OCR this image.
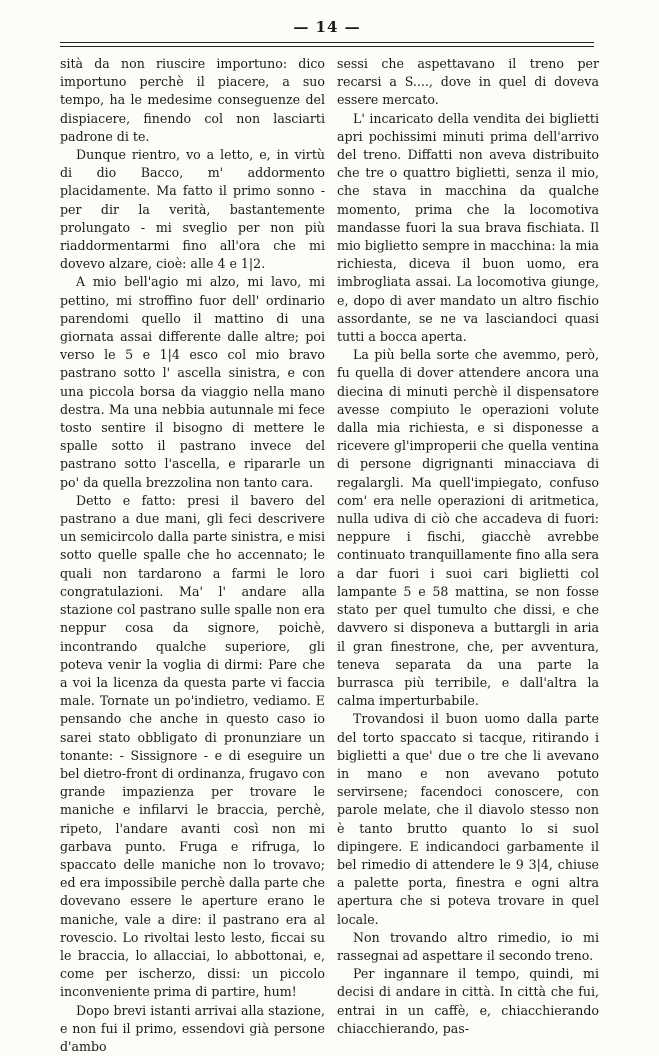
— 14 —

sità da non riuscire importuno: dico importuno perchè il piacere, a suo tempo, ha le medesime conseguenze del dispiacere, finendo col non lasciarti padrone di te.

Dunque rientro, vo a letto, e, in virtù di dio Bacco, m' addormento placidamente. Ma fatto il primo sonno - per dir la verità, bastantemente prolungato - mi sveglio per non più riaddormentarmi fino all'ora che mi dovevo alzare, cioè: alle 4 e 1|2.

A mio bell'agio mi alzo, mi lavo, mi pettino, mi stroffino fuor dell' ordinario parendomi quello il mattino di una giornata assai differente dalle altre; poi verso le 5 e 1|4 esco col mio bravo pastrano sotto l' ascella sinistra, e con una piccola borsa da viaggio nella mano destra. Ma una nebbia autunnale mi fece tosto sentire il bisogno di mettere le spalle sotto il pastrano invece del pastrano sotto l'ascella, e ripararle un po' da quella brezzolina non tanto cara.

Detto e fatto: presi il bavero del pastrano a due mani, gli feci descrivere un semicircolo dalla parte sinistra, e misi sotto quelle spalle che ho accennato; le quali non tardarono a farmi le loro congratulazioni. Ma' l' andare alla stazione col pastrano sulle spalle non era neppur cosa da signore, poichè, incontrando qualche superiore, gli poteva venir la voglia di dirmi: Pare che a voi la licenza da questa parte vi faccia male. Tornate un po'indietro, vediamo. E pensando che anche in questo caso io sarei stato obbligato di pronunziare un tonante: - Sissignore - e di eseguire un bel dietro-front di ordinanza, frugavo con grande impazienza per trovare le maniche e infilarvi le braccia, perchè, ripeto, l'andare avanti così non mi garbava punto. Fruga e rifruga, lo spaccato delle maniche non lo trovavo; ed era impossibile perchè dalla parte che dovevano essere le aperture erano le maniche, vale a dire: il pastrano era al rovescio. Lo rivoltai lesto lesto, ficcai su le braccia, lo allacciai, lo abbottonai, e, come per ischerzo, dissi: un piccolo inconveniente prima di partire, hum!

Dopo brevi istanti arrivai alla stazione, e non fui il primo, essendovi già persone d'ambo

sessi che aspettavano il treno per recarsi a S...., dove in quel di doveva essere mercato.

L' incaricato della vendita dei biglietti apri pochissimi minuti prima dell'arrivo del treno. Diffatti non aveva distribuito che tre o quattro biglietti, senza il mio, che stava in macchina da qualche momento, prima che la locomotiva mandasse fuori la sua brava fischiata. Il mio biglietto sempre in macchina: la mia richiesta, diceva il buon uomo, era imbrogliata assai. La locomotiva giunge, e, dopo di aver mandato un altro fischio assordante, se ne va lasciandoci quasi tutti a bocca aperta.

La più bella sorte che avemmo, però, fu quella di dover attendere ancora una diecina di minuti perchè il dispensatore avesse compiuto le operazioni volute dalla mia richiesta, e si disponesse a ricevere gl'improperii che quella ventina di persone digrignanti minacciava di regalargli. Ma quell'impiegato, confuso com' era nelle operazioni di aritmetica, nulla udiva di ciò che accadeva di fuori: neppure i fischi, giacchè avrebbe continuato tranquillamente fino alla sera a dar fuori i suoi cari biglietti col lampante 5 e 58 mattina, se non fosse stato per quel tumulto che dissi, e che davvero si disponeva a buttargli in aria il gran finestrone, che, per avventura, teneva separata da una parte la burrasca più terribile, e dall'altra la calma imperturbabile.

Trovandosi il buon uomo dalla parte del torto spaccato si tacque, ritirando i biglietti a que' due o tre che li avevano in mano e non avevano potuto servirsene; facendoci conoscere, con parole melate, che il diavolo stesso non è tanto brutto quanto lo si suol dipingere. E indicandoci garbamente il bel rimedio di attendere le 9 3|4, chiuse a palette porta, finestra e ogni altra apertura che si poteva trovare in quel locale.

Non trovando altro rimedio, io mi rassegnai ad aspettare il secondo treno.

Per ingannare il tempo, quindi, mi decisi di andare in città. In città che fui, entrai in un caffè, e, chiacchierando chiacchierando, pas-
